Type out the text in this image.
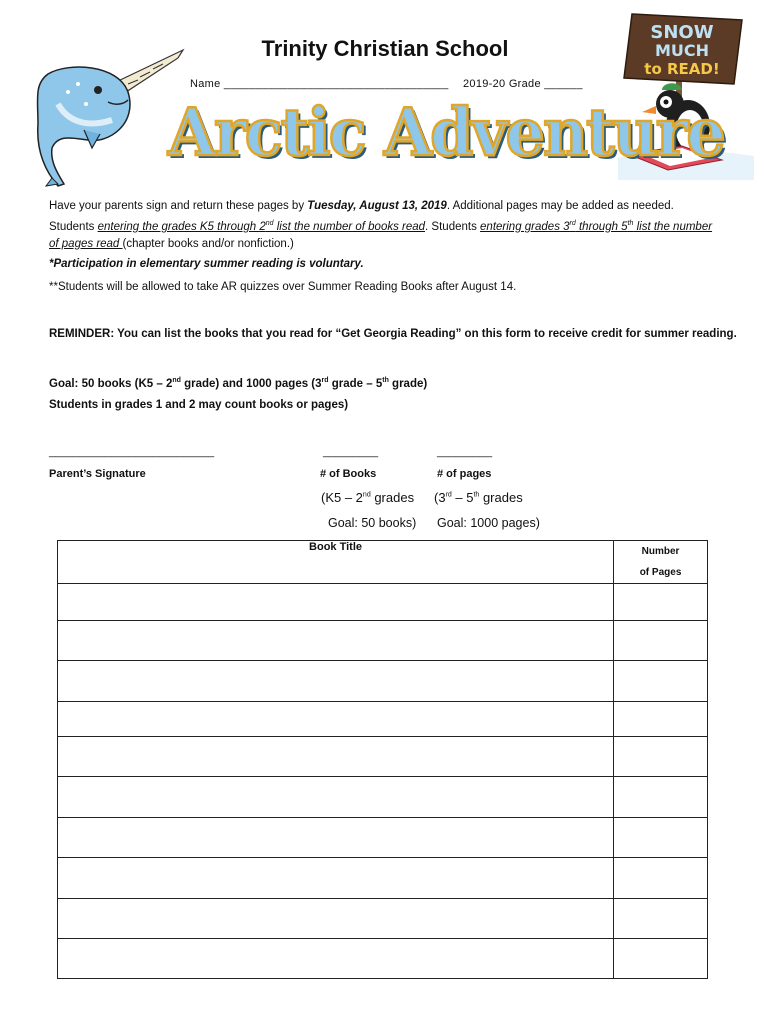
SNOW
MUCH
to READ!
Trinity Christian School
Name ___________________________________ 2019-20 Grade ______
Arctic Adventure

Have your parents sign and return these pages by Tuesday, August 13, 2019. Additional pages may be added as needed. Students entering the grades K5 through 2nd list the number of books read. Students entering grades 3rd through 5th list the number of pages read (chapter books and/or nonfiction.)

*Participation in elementary summer reading is voluntary.

**Students will be allowed to take AR quizzes over Summer Reading Books after August 14.

REMINDER: You can list the books that you read for “Get Georgia Reading” on this form to receive credit for summer reading.

Goal: 50 books (K5 – 2nd grade) and 1000 pages (3rd grade – 5th grade)

Students in grades 1 and 2 may count books or pages)

___________________________	_________	_________
Parent’s Signature	# of Books	# of pages
(K5 – 2nd grades (3rd – 5th grades
Goal: 50 books) Goal: 1000 pages)
Book Title	Number
of Pages
